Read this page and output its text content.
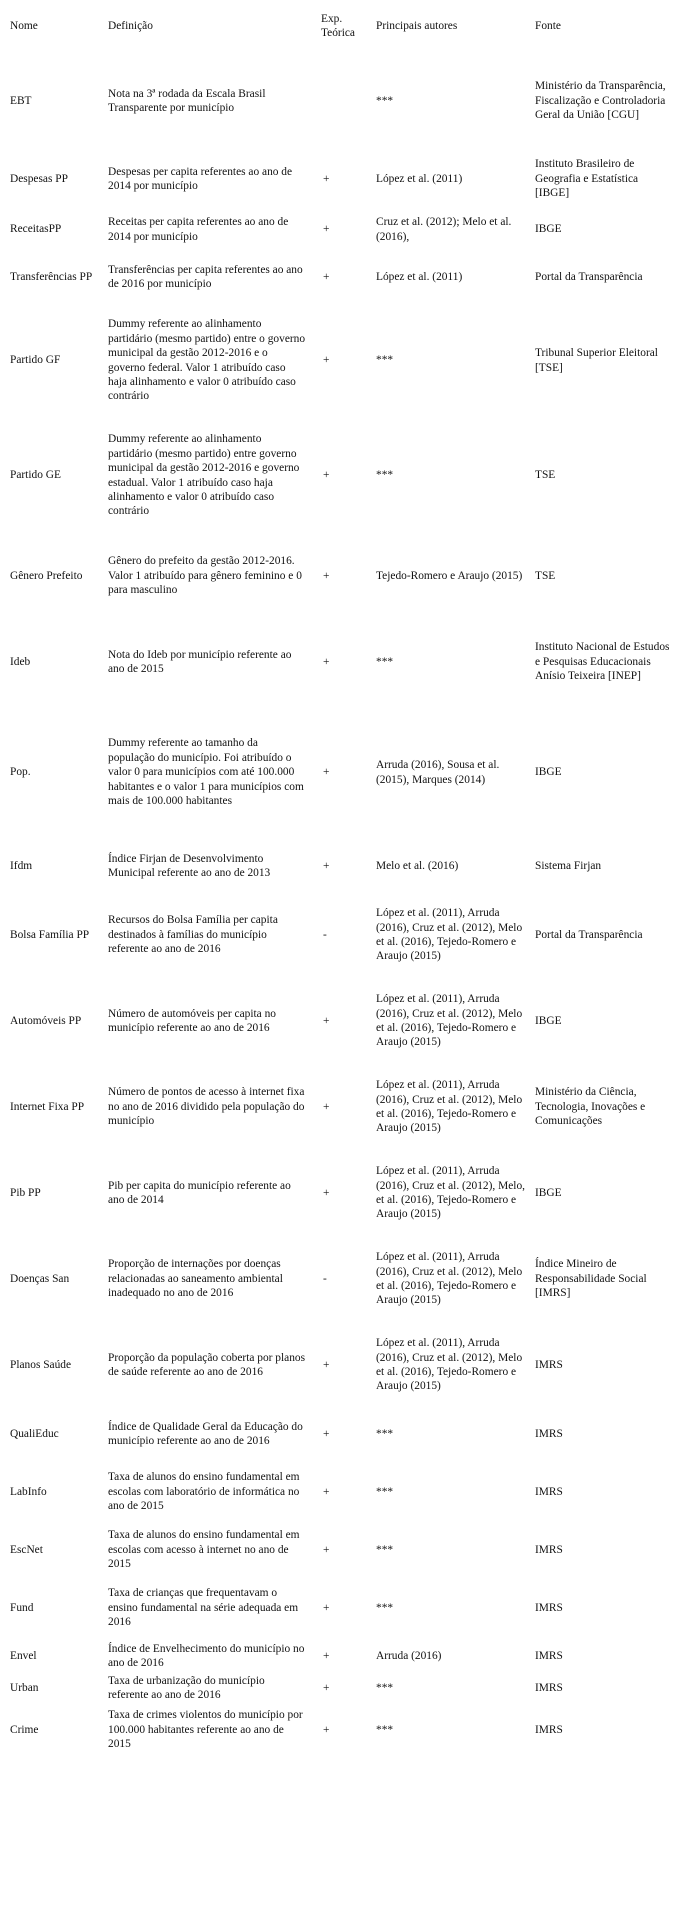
Nome	Definição	Exp. Teórica	Principais autores	Fonte
EBT	Nota na 3ª rodada da Escala Brasil Transparente por município		***	Ministério da Transparência, Fiscalização e Controladoria Geral da União [CGU]
Despesas PP	Despesas per capita referentes ao ano de 2014 por município	+	López et al. (2011)	Instituto Brasileiro de Geografia e Estatística [IBGE]
ReceitasPP	Receitas per capita referentes ao ano de 2014 por município	+	Cruz et al. (2012); Melo et al. (2016),	IBGE
Transferências PP	Transferências per capita referentes ao ano de 2016 por município	+	López et al. (2011)	Portal da Transparência
Partido GF	Dummy referente ao alinhamento partidário (mesmo partido) entre o governo municipal da gestão 2012-2016 e o governo federal. Valor 1 atribuído caso haja alinhamento e valor 0 atribuído caso contrário	+	***	Tribunal Superior Eleitoral [TSE]
Partido GE	Dummy referente ao alinhamento partidário (mesmo partido) entre governo municipal da gestão 2012-2016 e governo estadual. Valor 1 atribuído caso haja alinhamento e valor 0 atribuído caso contrário	+	***	TSE
Gênero Prefeito	Gênero do prefeito da gestão 2012-2016. Valor 1 atribuído para gênero feminino e 0 para masculino	+	Tejedo-Romero e Araujo (2015)	TSE
Ideb	Nota do Ideb por município referente ao ano de 2015	+	***	Instituto Nacional de Estudos e Pesquisas Educacionais Anísio Teixeira [INEP]
Pop.	Dummy referente ao tamanho da população do município. Foi atribuído o valor 0 para municípios com até 100.000 habitantes e o valor 1 para municípios com mais de 100.000 habitantes	+	Arruda (2016), Sousa et al. (2015), Marques (2014)	IBGE
Ifdm	Índice Firjan de Desenvolvimento Municipal referente ao ano de 2013	+	Melo et al. (2016)	Sistema Firjan
Bolsa Família PP	Recursos do Bolsa Família per capita destinados à famílias do município referente ao ano de 2016	-	López et al. (2011), Arruda (2016), Cruz et al. (2012), Melo et al. (2016), Tejedo-Romero e Araujo (2015)	Portal da Transparência
Automóveis PP	Número de automóveis per capita no município referente ao ano de 2016	+	López et al. (2011), Arruda (2016), Cruz et al. (2012), Melo et al. (2016), Tejedo-Romero e Araujo (2015)	IBGE
Internet Fixa PP	Número de pontos de acesso à internet fixa no ano de 2016 dividido pela população do município	+	López et al. (2011), Arruda (2016), Cruz et al. (2012), Melo et al. (2016), Tejedo-Romero e Araujo (2015)	Ministério da Ciência, Tecnologia, Inovações e Comunicações
Pib PP	Pib per capita do município referente ao ano de 2014	+	López et al. (2011), Arruda (2016), Cruz et al. (2012), Melo, et al. (2016), Tejedo-Romero e Araujo (2015)	IBGE
Doenças San	Proporção de internações por doenças relacionadas ao saneamento ambiental inadequado no ano de 2016	-	López et al. (2011), Arruda (2016), Cruz et al. (2012), Melo et al. (2016), Tejedo-Romero e Araujo (2015)	Índice Mineiro de Responsabilidade Social [IMRS]
Planos Saúde	Proporção da população coberta por planos de saúde referente ao ano de 2016	+	López et al. (2011), Arruda (2016), Cruz et al. (2012), Melo et al. (2016), Tejedo-Romero e Araujo (2015)	IMRS
QualiEduc	Índice de Qualidade Geral da Educação do município referente ao ano de 2016	+	***	IMRS
LabInfo	Taxa de alunos do ensino fundamental em escolas com laboratório de informática no ano de 2015	+	***	IMRS
EscNet	Taxa de alunos do ensino fundamental em escolas com acesso à internet no ano de 2015	+	***	IMRS
Fund	Taxa de crianças que frequentavam o ensino fundamental na série adequada em 2016	+	***	IMRS
Envel	Índice de Envelhecimento do município no ano de 2016	+	Arruda (2016)	IMRS
Urban	Taxa de urbanização do município referente ao ano de 2016	+	***	IMRS
Crime	Taxa de crimes violentos do município por 100.000 habitantes referente ao ano de 2015	+	***	IMRS
